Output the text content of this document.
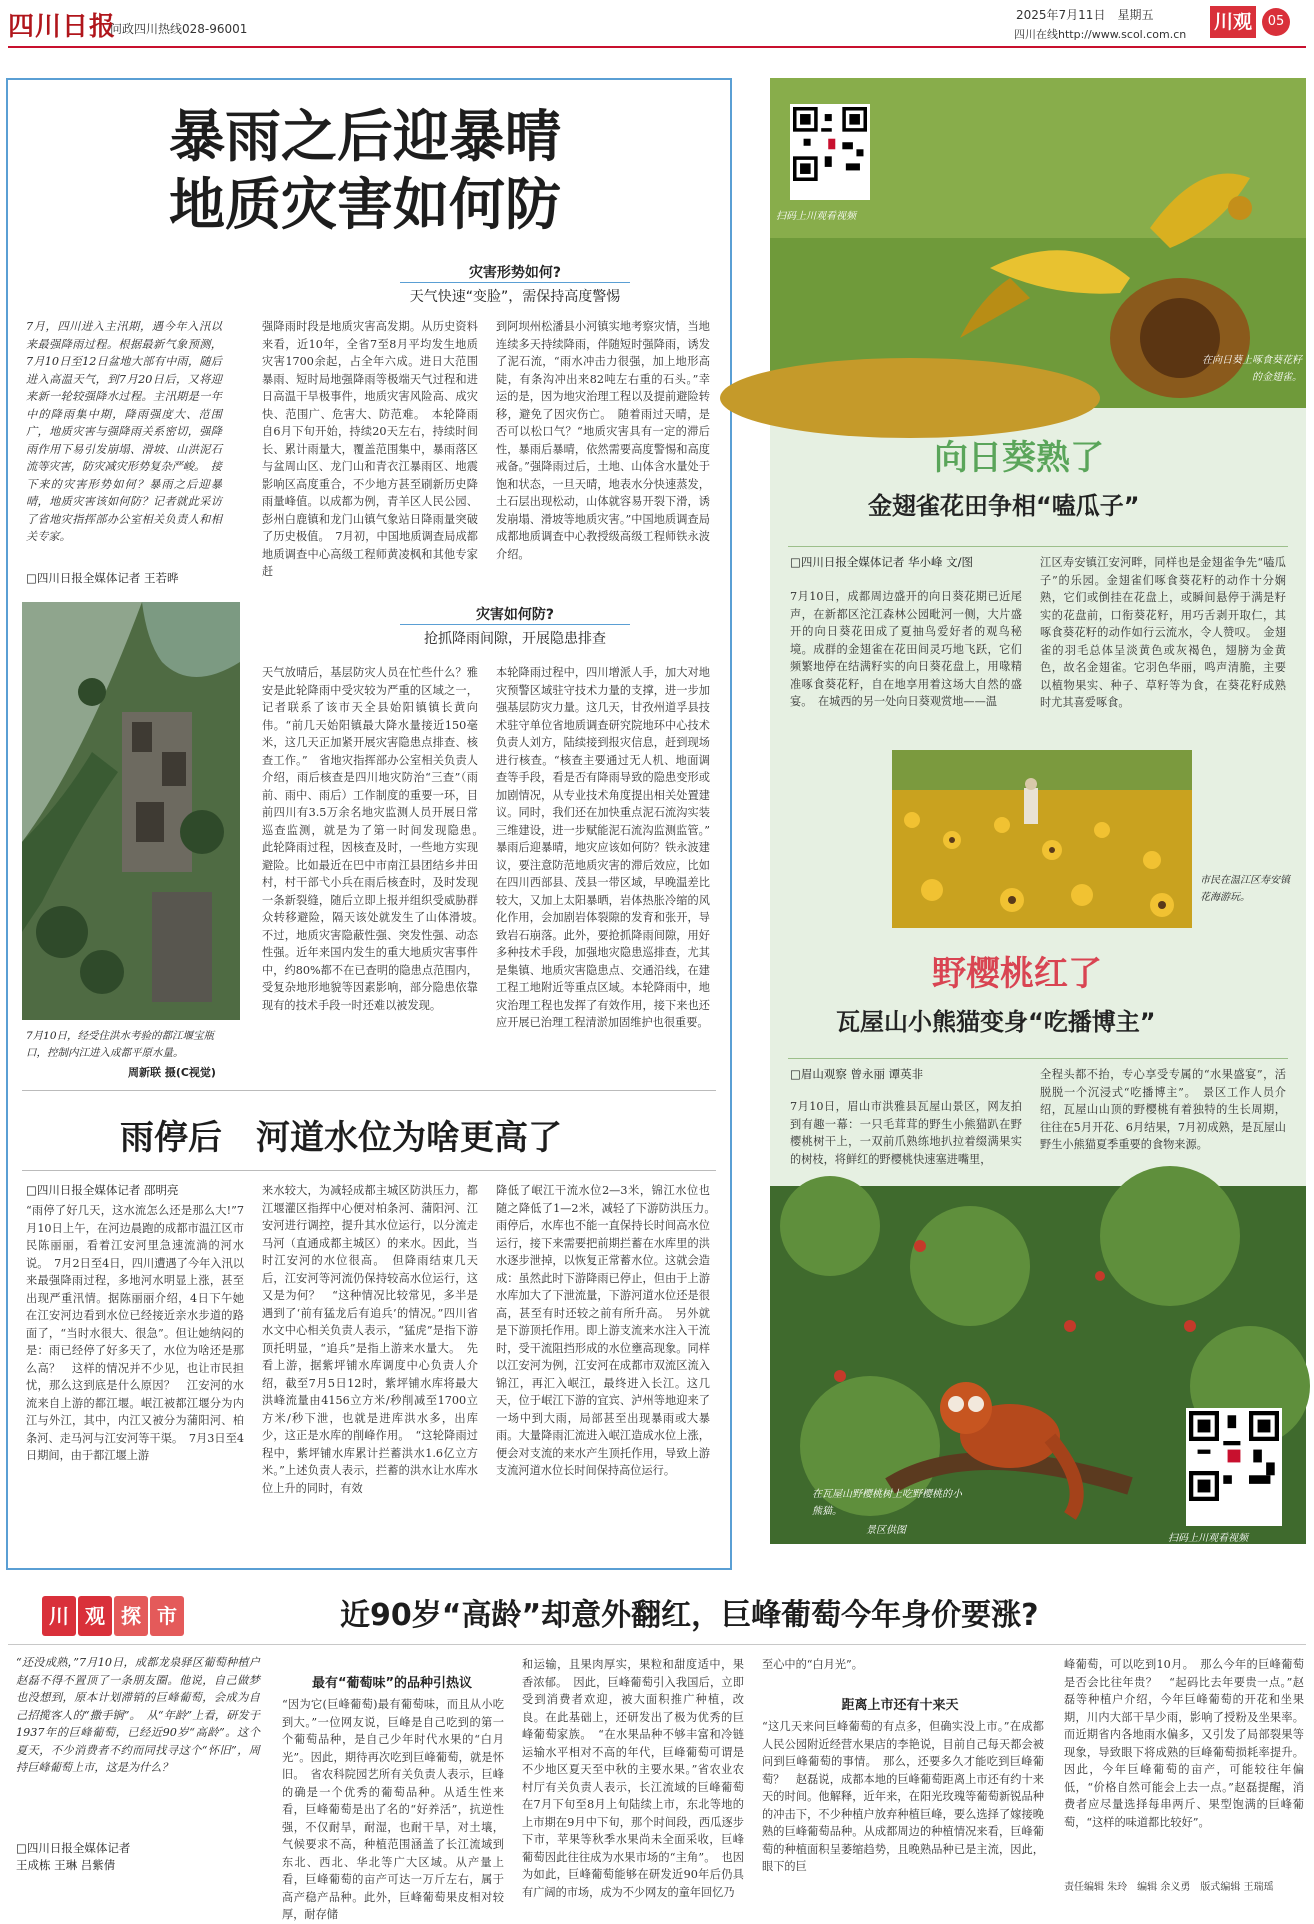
四川日报
问政四川热线028-96001
2025年7月11日　星期五
四川在线http://www.scol.com.cn
川观	05
暴雨之后迎暴晴
地质灾害如何防
灾害形势如何?
天气快速“变脸”，需保持高度警惕
7月，四川进入主汛期，遇今年入汛以来最强降雨过程。根据最新气象预测，7月10日至12日盆地大部有中雨，随后进入高温天气，到7月20日后，又将迎来新一轮较强降水过程。主汛期是一年中的降雨集中期，降雨强度大、范围广，地质灾害与强降雨关系密切，强降雨作用下易引发崩塌、滑坡、山洪泥石流等灾害，防灾减灾形势复杂严峻。　接下来的灾害形势如何？暴雨之后迎暴晴，地质灾害该如何防？记者就此采访了省地灾指挥部办公室相关负责人和相关专家。
□四川日报全媒体记者 王若晔
强降雨时段是地质灾害高发期。从历史资料来看，近10年，全省7至8月平均发生地质灾害1700余起，占全年六成。进日大范围暴雨、短时局地强降雨等极端天气过程和进日高温干旱极事件，地质灾害风险高、成灾快、范围广、危害大、防范难。　本轮降雨自6月下旬开始，持续20天左右，持续时间长、累计雨量大，覆盖范围集中，暴雨落区与盆周山区、龙门山和青衣江暴雨区、地震影响区高度重合，不少地方甚至刷新历史降雨量峰值。以成都为例，青羊区人民公园、彭州白鹿镇和龙门山镇气象站日降雨量突破了历史极值。　7月初，中国地质调查局成都地质调查中心高级工程师黄凌枫和其他专家赶
到阿坝州松潘县小河镇实地考察灾情，当地连续多天持续降雨，伴随短时强降雨，诱发了泥石流，“雨水冲击力很强，加上地形高陡，有条沟冲出来82吨左右重的石头。”幸运的是，因为地灾治理工程以及提前避险转移，避免了因灾伤亡。　随着雨过天晴，是否可以松口气？“地质灾害具有一定的滞后性，暴雨后暴晴，依然需要高度警惕和高度戒备。”强降雨过后，土地、山体含水量处于饱和状态，一旦天晴，地表水分快速蒸发，土石层出现松动，山体就容易开裂下滑，诱发崩塌、滑坡等地质灾害。”中国地质调查局成都地质调查中心教授级高级工程师铁永波介绍。
灾害如何防?
抢抓降雨间隙，开展隐患排查
7月10日，经受住洪水考验的都江堰宝瓶口，控制内江进入成都平原水量。
周新联 摄(C视觉)
天气放晴后，基层防灾人员在忙些什么？雅安是此轮降雨中受灾较为严重的区域之一，记者联系了该市天全县始阳镇镇长黄向伟。“前几天始阳镇最大降水量接近150毫米，这几天正加紧开展灾害隐患点排查、核查工作。”　省地灾指挥部办公室相关负责人介绍，雨后核查是四川地灾防治“三查”（雨前、雨中、雨后）工作制度的重要一环，目前四川有3.5万余名地灾监测人员开展日常巡查监测，就是为了第一时间发现隐患。　此轮降雨过程，因核查及时，一些地方实现避险。比如最近在巴中市南江县团结乡井田村，村干部弋小兵在雨后核查时，及时发现一条新裂缝，随后立即上报并组织受威胁群众转移避险，隔天该处就发生了山体滑坡。　不过，地质灾害隐蔽性强、突发性强、动态性强。近年来国内发生的重大地质灾害事件中，约80%都不在已查明的隐患点范围内，受复杂地形地貌等因素影响，部分隐患依靠现有的技术手段一时还难以被发现。
本轮降雨过程中，四川增派人手，加大对地灾预警区域驻守技术力量的支撑，进一步加强基层防灾力量。这几天，甘孜州道孚县技术驻守单位省地质调查研究院地环中心技术负责人刘方，陆续接到报灾信息，赶到现场进行核查。“核查主要通过无人机、地面调查等手段，看是否有降雨导致的隐患变形或加剧情况，从专业技术角度提出相关处置建议。同时，我们还在加快重点泥石流沟实装三维建设，进一步赋能泥石流沟监测监管。”　暴雨后迎暴晴，地灾应该如何防？铁永波建议，要注意防范地质灾害的滞后效应，比如在四川西部县、茂县一带区域，早晚温差比较大，又加上太阳暴晒，岩体热胀冷缩的风化作用，会加剧岩体裂隙的发育和张开，导致岩石崩落。此外，要抢抓降雨间隙，用好多种技术手段，加强地灾隐患巡排查，尤其是集镇、地质灾害隐患点、交通沿线，在建工程工地附近等重点区域。本轮降雨中，地灾治理工程也发挥了有效作用，接下来也还应开展已治理工程清淤加固维护也很重要。
雨停后　河道水位为啥更高了
□四川日报全媒体记者 邵明亮
“雨停了好几天，这水流怎么还是那么大!”7月10日上午，在河边晨跑的成都市温江区市民陈丽丽，看着江安河里急速流淌的河水说。　7月2日至4日，四川遭遇了今年入汛以来最强降雨过程，多地河水明显上涨，甚至出现严重汛情。据陈丽丽介绍，4日下午她在江安河边看到水位已经接近亲水步道的路面了，“当时水很大、很急”。但让她纳闷的是：雨已经停了好多天了，水位为啥还是那么高？　这样的情况并不少见，也让市民担忧，那么这到底是什么原因？　江安河的水流来自上游的都江堰。岷江被都江堰分为内江与外江，其中，内江又被分为蒲阳河、柏条河、走马河与江安河等干渠。　7月3日至4日期间，由于都江堰上游
来水较大，为减轻成都主城区防洪压力，都江堰灌区指挥中心便对柏条河、蒲阳河、江安河进行调控，提升其水位运行，以分流走马河（直通成都主城区）的来水。因此，当时江安河的水位很高。　但降雨结束几天后，江安河等河流仍保持较高水位运行，这又是为何？　“这种情况比较常见，多半是遇到了‘前有猛龙后有追兵’的情况。”四川省水文中心相关负责人表示，“猛虎”是指下游顶托明显，“追兵”是指上游来水量大。　先看上游，据紫坪铺水库调度中心负责人介绍，截至7月5日12时，紫坪铺水库将最大洪峰流量由4156立方米/秒削减至1700立方米/秒下泄，也就是进库洪水多，出库少，这正是水库的削峰作用。　“这轮降雨过程中，紫坪铺水库累计拦蓄洪水1.6亿立方米。”上述负责人表示，拦蓄的洪水让水库水位上升的同时，有效
降低了岷江干流水位2—3米，锦江水位也随之降低了1—2米，减轻了下游防洪压力。　雨停后，水库也不能一直保持长时间高水位运行，接下来需要把前期拦蓄在水库里的洪水逐步泄掉，以恢复正常蓄水位。这就会造成：虽然此时下游降雨已停止，但由于上游水库加大了下泄流量，下游河道水位还是很高，甚至有时还较之前有所升高。　另外就是下游顶托作用。即上游支流来水注入干流时，受干流阻挡形成的水位壅高现象。同样以江安河为例，江安河在成都市双流区流入锦江，再汇入岷江，最终进入长江。这几天，位于岷江下游的宜宾、泸州等地迎来了一场中到大雨，局部甚至出现暴雨或大暴雨。大量降雨汇流进入岷江造成水位上涨，便会对支流的来水产生顶托作用，导致上游支流河道水位长时间保持高位运行。
扫码上川观看视频
在向日葵上啄食葵花籽的金翅雀。
向日葵熟了
金翅雀花田争相“嗑瓜子”
□四川日报全媒体记者 华小峰 文/图
7月10日，成都周边盛开的向日葵花期已近尾声，在新都区沱江森林公园毗河一侧，大片盛开的向日葵花田成了夏抽鸟爱好者的观鸟秘境。成群的金翅雀在花田间灵巧地飞跃，它们频繁地停在结满籽实的向日葵花盘上，用喙精准啄食葵花籽，自在地享用着这场大自然的盛宴。　在城西的另一处向日葵观赏地——温
江区寿安镇江安河畔，同样也是金翅雀争先“嗑瓜子”的乐园。金翅雀们啄食葵花籽的动作十分娴熟，它们或倒挂在花盘上，或瞬间悬停于满是籽实的花盘前，口衔葵花籽，用巧舌剥开取仁，其啄食葵花籽的动作如行云流水，令人赞叹。　金翅雀的羽毛总体呈淡黄色或灰褐色，翅膀为金黄色，故名金翅雀。它羽色华丽，鸣声清脆，主要以植物果实、种子、草籽等为食，在葵花籽成熟时尤其喜爱啄食。
市民在温江区寿安镇花海游玩。
野樱桃红了
瓦屋山小熊猫变身“吃播博主”
□眉山观察 曾永丽 谭英非
7月10日，眉山市洪雅县瓦屋山景区，网友拍到有趣一幕：一只毛茸茸的野生小熊猫趴在野樱桃树干上，一双前爪熟练地扒拉着缀满果实的树枝，将鲜红的野樱桃快速塞进嘴里，
全程头都不抬，专心享受专属的“水果盛宴”，活脱脱一个沉浸式“吃播博主”。　景区工作人员介绍，瓦屋山山顶的野樱桃有着独特的生长周期，往往在5月开花、6月结果，7月初成熟，是瓦屋山野生小熊猫夏季重要的食物来源。
扫码上川观看视频
在瓦屋山野樱桃树上吃野樱桃的小熊猫。
景区供图
川 观 探 市	近90岁“高龄”却意外翻红，巨峰葡萄今年身价要涨?
“还没成熟，”7月10日，成都龙泉驿区葡萄种植户赵磊不得不置顶了一条朋友圈。他说，自己做梦也没想到，原本计划滞销的巨峰葡萄，会成为自己招揽客人的“撒手锏”。　从“年龄”上看，研发于1937年的巨峰葡萄，已经近90岁“高龄”。这个夏天，不少消费者不约而同找寻这个“怀旧”，周持巨峰葡萄上市，这是为什么？
□四川日报全媒体记者
王成栋 王琳 吕紫倩
最有“葡萄味”的品种引热议
“因为它(巨峰葡萄)最有葡萄味，而且从小吃到大。”一位网友说，巨峰是自己吃到的第一个葡萄品种，是自己少年时代水果的“白月光”。因此，期待再次吃到巨峰葡萄，就是怀旧。　省农科院园艺所有关负责人表示，巨峰的确是一个优秀的葡萄品种。从适生性来看，巨峰葡萄是出了名的“好养活”，抗逆性强，不仅耐旱，耐湿，也耐干旱，对土壤，气候要求不高，种植范围涵盖了长江流域到东北、西北、华北等广大区域。从产量上看，巨峰葡萄的亩产可达一万斤左右，属于高产稳产品种。此外，巨峰葡萄果皮相对较厚，耐存储
和运输，且果肉厚实，果粒和甜度适中，果香浓郁。　因此，巨峰葡萄引入我国后，立即受到消费者欢迎，被大面积推广种植，改良。在此基础上，还研发出了极为优秀的巨峰葡萄家族。　“在水果品种不够丰富和冷链运输水平相对不高的年代，巨峰葡萄可谓是不少地区夏天至中秋的主要水果。”省农业农村厅有关负责人表示，长江流域的巨峰葡萄在7月下旬至8月上旬陆续上市，东北等地的上市期在9月中下旬，那个时间段，西瓜逐步下市，苹果等秋季水果尚未全面采收，巨峰葡萄因此往往成为水果市场的“主角”。　也因为如此，巨峰葡萄能够在研发近90年后仍具有广阔的市场，成为不少网友的童年回忆乃
至心中的“白月光”。
距离上市还有十来天
“这几天来问巨峰葡萄的有点多，但确实没上市。”在成都人民公园附近经营水果店的李艳说，目前自己每天都会被问到巨峰葡萄的事情。　那么，还要多久才能吃到巨峰葡萄？　赵磊说，成都本地的巨峰葡萄距离上市还有约十来天的时间。他解释，近年来，在阳光玫瑰等葡萄新锐品种的冲击下，不少种植户放弃种植巨峰，要么选择了嫁接晚熟的巨峰葡萄品种。从成都周边的种植情况来看，巨峰葡萄的种植面积呈萎缩趋势，且晚熟品种已是主流，因此，眼下的巨
峰葡萄，可以吃到10月。　那么今年的巨峰葡萄是否会比往年贵？　“起码比去年要贵一点。”赵磊等种植户介绍，今年巨峰葡萄的开花和坐果期，川内大部干旱少雨，影响了授粉及坐果率。而近期省内各地雨水偏多，又引发了局部裂果等现象，导致眼下将成熟的巨峰葡萄损耗率提升。因此，今年巨峰葡萄的亩产，可能较往年偏低，“价格自然可能会上去一点。”赵磊提醒，消费者应尽量选择每串两斤、果型饱满的巨峰葡萄，“这样的味道都比较好”。
责任编辑 朱玲　编辑 余义勇　版式编辑 王瑞瑶
